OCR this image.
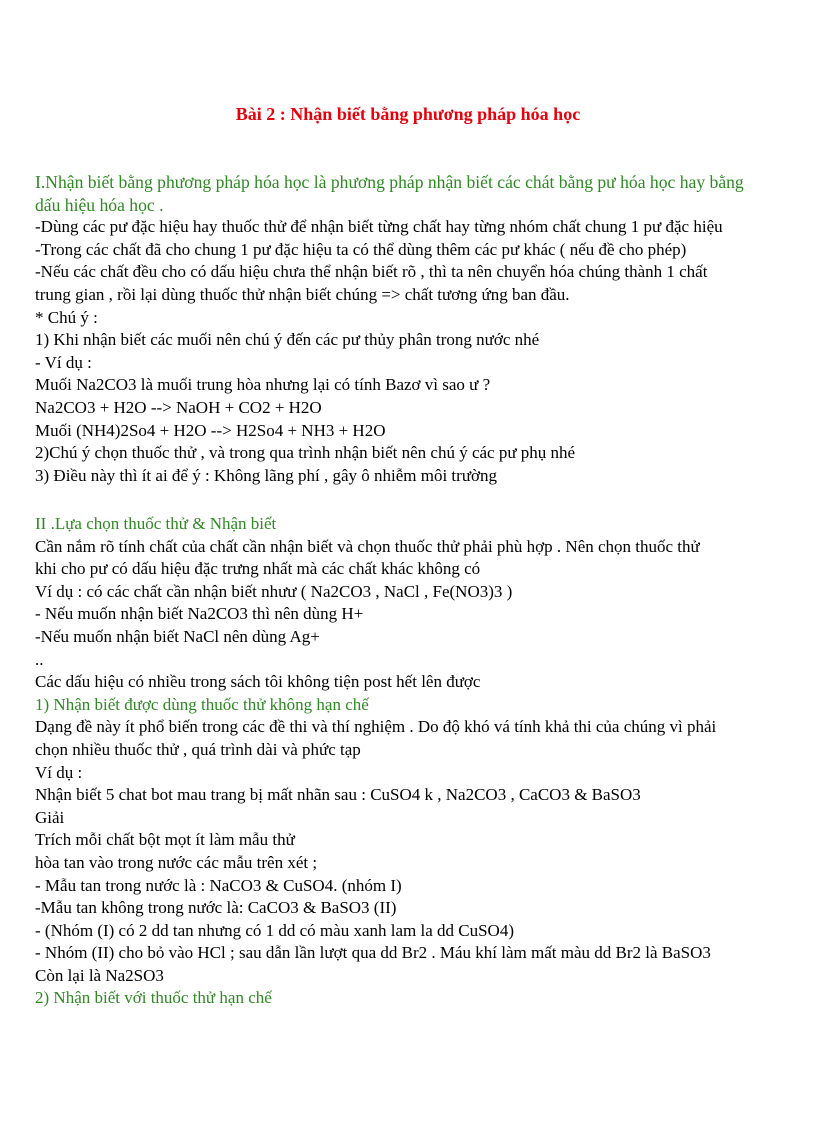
Bài 2 : Nhận biết bằng phương pháp hóa học
I.Nhận biết bằng phương pháp hóa học là phương pháp nhận biết các chát bằng pư hóa học hay bằng
dấu hiệu hóa học .
-Dùng các pư đặc hiệu hay thuốc thử để nhận biết từng chất hay từng nhóm chất chung 1 pư đặc hiệu
-Trong các chất đã cho chung 1 pư đặc hiệu ta có thể dùng thêm các pư khác ( nếu đề cho phép)
-Nếu các chất đều cho có dấu hiệu chưa thể nhận biết rõ , thì ta nên chuyển hóa chúng thành 1 chất
trung gian , rồi lại dùng thuốc thử nhận biết chúng => chất tương ứng ban đầu.
* Chú ý :
1) Khi nhận biết các muối nên chú ý đến các pư thủy phân trong nước nhé
- Ví dụ :
Muối Na2CO3 là muối trung hòa nhưng lại có tính Bazơ vì sao ư ?
Na2CO3 + H2O --> NaOH + CO2 + H2O
Muối (NH4)2So4 + H2O --> H2So4 + NH3 + H2O
2)Chú ý chọn thuốc thử , và trong qua trình nhận biết nên chú ý các pư phụ nhé
3) Điều này thì ít ai để ý : Không lãng phí , gây ô nhiễm môi trường
II .Lựa chọn thuốc thử & Nhận biết
Cần nắm rõ tính chất của chất cần nhận biết và chọn thuốc thử phải phù hợp . Nên chọn thuốc thử
khi cho pư có dấu hiệu đặc trưng nhất mà các chất khác không có
Ví dụ : có các chất cần nhận biết nhưư ( Na2CO3 , NaCl , Fe(NO3)3 )
- Nếu muốn nhận biết Na2CO3 thì nên dùng H+
-Nếu muốn nhận biết NaCl nên dùng Ag+
..
Các dấu hiệu có nhiều trong sách tôi không tiện post hết lên được
1) Nhận biết được dùng thuốc thử không hạn chế
Dạng đề này ít phổ biến trong các đề thi và thí nghiệm . Do độ khó vá tính khả thi của chúng vì phải
chọn nhiều thuốc thử , quá trình dài và phức tạp
Ví dụ :
Nhận biết 5 chat bot mau trang bị mất nhãn sau : CuSO4 k , Na2CO3 , CaCO3 & BaSO3
Giải
Trích mỗi chất bột mọt ít làm mẫu thử
hòa tan vào trong nước các mẫu trên xét ;
- Mẫu tan trong nước là : NaCO3 & CuSO4. (nhóm I)
-Mẫu tan không trong nước là: CaCO3 & BaSO3 (II)
- (Nhóm (I) có 2 dd tan nhưng có 1 dd có màu xanh lam la dd CuSO4)
- Nhóm (II) cho bỏ vào HCl ; sau dẫn lần lượt qua dd Br2 . Máu khí làm mất màu dd Br2 là BaSO3
Còn lại là Na2SO3
2) Nhận biết với thuốc thử hạn chế
